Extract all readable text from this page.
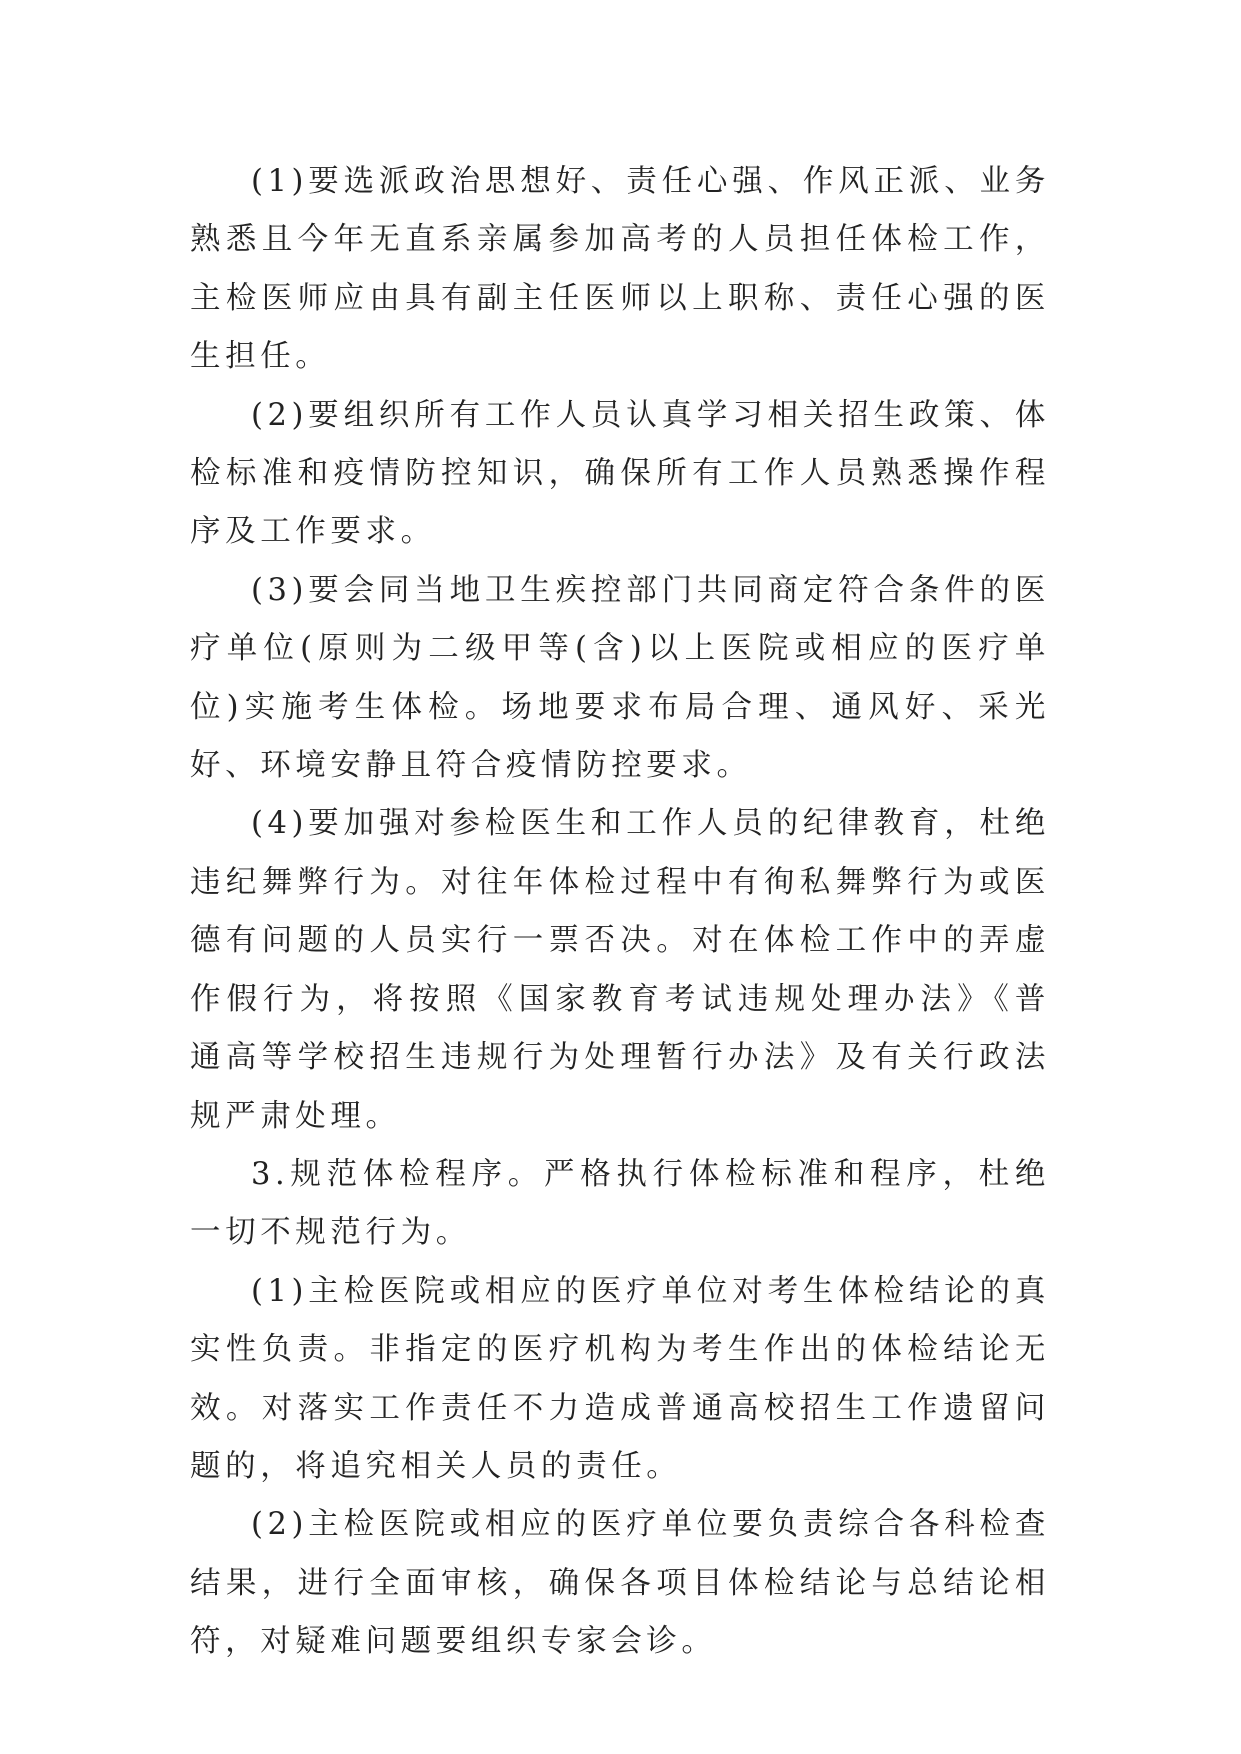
(1)要选派政治思想好、责任心强、作风正派、业务熟悉且今年无直系亲属参加高考的人员担任体检工作，主检医师应由具有副主任医师以上职称、责任心强的医生担任。

(2)要组织所有工作人员认真学习相关招生政策、体检标准和疫情防控知识，确保所有工作人员熟悉操作程序及工作要求。

(3)要会同当地卫生疾控部门共同商定符合条件的医疗单位(原则为二级甲等(含)以上医院或相应的医疗单位)实施考生体检。场地要求布局合理、通风好、采光好、环境安静且符合疫情防控要求。

(4)要加强对参检医生和工作人员的纪律教育，杜绝违纪舞弊行为。对往年体检过程中有徇私舞弊行为或医德有问题的人员实行一票否决。对在体检工作中的弄虚作假行为，将按照《国家教育考试违规处理办法》《普通高等学校招生违规行为处理暂行办法》及有关行政法规严肃处理。

3.规范体检程序。严格执行体检标准和程序，杜绝一切不规范行为。

(1)主检医院或相应的医疗单位对考生体检结论的真实性负责。非指定的医疗机构为考生作出的体检结论无效。对落实工作责任不力造成普通高校招生工作遗留问题的，将追究相关人员的责任。

(2)主检医院或相应的医疗单位要负责综合各科检查结果，进行全面审核，确保各项目体检结论与总结论相符，对疑难问题要组织专家会诊。
